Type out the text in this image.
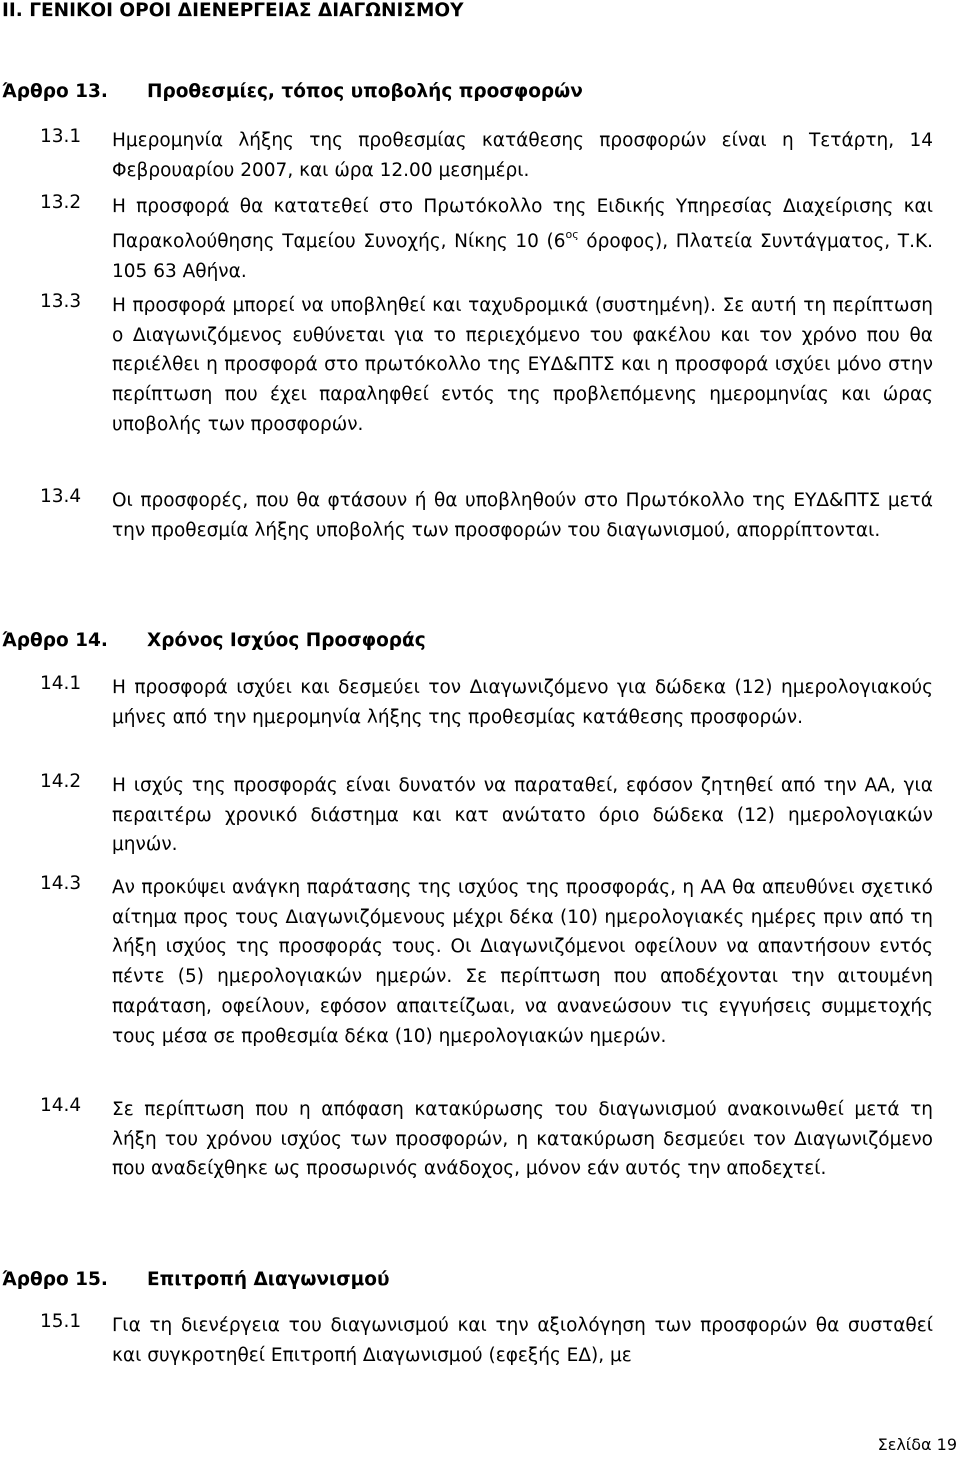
ΙΙ. ΓΕΝΙΚΟΙ ΟΡΟΙ ΔΙΕΝΕΡΓΕΙΑΣ ΔΙΑΓΩΝΙΣΜΟΥ
Άρθρο 13. Προθεσμίες, τόπος υποβολής προσφορών
13.1	Ημερομηνία λήξης της προθεσμίας κατάθεσης προσφορών είναι η Τετάρτη, 14 Φεβρουαρίου 2007, και ώρα 12.00 μεσημέρι.
13.2	Η προσφορά θα κατατεθεί στο Πρωτόκολλο της Ειδικής Υπηρεσίας Διαχείρισης και Παρακολούθησης Ταμείου Συνοχής, Νίκης 10 ($6^{o\varsigma}$ όροφος), Πλατεία Συντάγματος, Τ.Κ. 105 63 Αθήνα.
13.3	Η προσφορά μπορεί να υποβληθεί και ταχυδρομικά (συστημένη). Σε αυτή τη περίπτωση ο Διαγωνιζόμενος ευθύνεται για το περιεχόμενο του φακέλου και τον χρόνο που θα περιέλθει η προσφορά στο πρωτόκολλο της ΕΥΔ&ΠΤΣ και η προσφορά ισχύει μόνο στην περίπτωση που έχει παραληφθεί εντός της προβλεπόμενης ημερομηνίας και ώρας υποβολής των προσφορών.
13.4	Οι προσφορές, που θα φτάσουν ή θα υποβληθούν στο Πρωτόκολλο της ΕΥΔ&ΠΤΣ μετά την προθεσμία λήξης υποβολής των προσφορών του διαγωνισμού, απορρίπτονται.
Άρθρο 14. Χρόνος Ισχύος Προσφοράς
14.1	Η προσφορά ισχύει και δεσμεύει τον Διαγωνιζόμενο για δώδεκα (12) ημερολογιακούς μήνες από την ημερομηνία λήξης της προθεσμίας κατάθεσης προσφορών.
14.2	Η ισχύς της προσφοράς είναι δυνατόν να παραταθεί, εφόσον ζητηθεί από την ΑΑ, για περαιτέρω χρονικό διάστημα και κατ ανώτατο όριο δώδεκα (12) ημερολογιακών μηνών.
14.3	Αν προκύψει ανάγκη παράτασης της ισχύος της προσφοράς, η ΑΑ θα απευθύνει σχετικό αίτημα προς τους Διαγωνιζόμενους μέχρι δέκα (10) ημερολογιακές ημέρες πριν από τη λήξη ισχύος της προσφοράς τους. Οι Διαγωνιζόμενοι οφείλουν να απαντήσουν εντός πέντε (5) ημερολογιακών ημερών. Σε περίπτωση που αποδέχονται την αιτουμένη παράταση, οφείλουν, εφόσον απαιτείζωαι, να ανανεώσουν τις εγγυήσεις συμμετοχής τους μέσα σε προθεσμία δέκα (10) ημερολογιακών ημερών.
14.4	Σε περίπτωση που η απόφαση κατακύρωσης του διαγωνισμού ανακοινωθεί μετά τη λήξη του χρόνου ισχύος των προσφορών, η κατακύρωση δεσμεύει τον Διαγωνιζόμενο που αναδείχθηκε ως προσωρινός ανάδοχος, μόνον εάν αυτός την αποδεχτεί.
Άρθρο 15. Επιτροπή Διαγωνισμού
15.1	Για τη διενέργεια του διαγωνισμού και την αξιολόγηση των προσφορών θα συσταθεί και συγκροτηθεί Επιτροπή Διαγωνισμού (εφεξής ΕΔ), με
Σελίδα 19
